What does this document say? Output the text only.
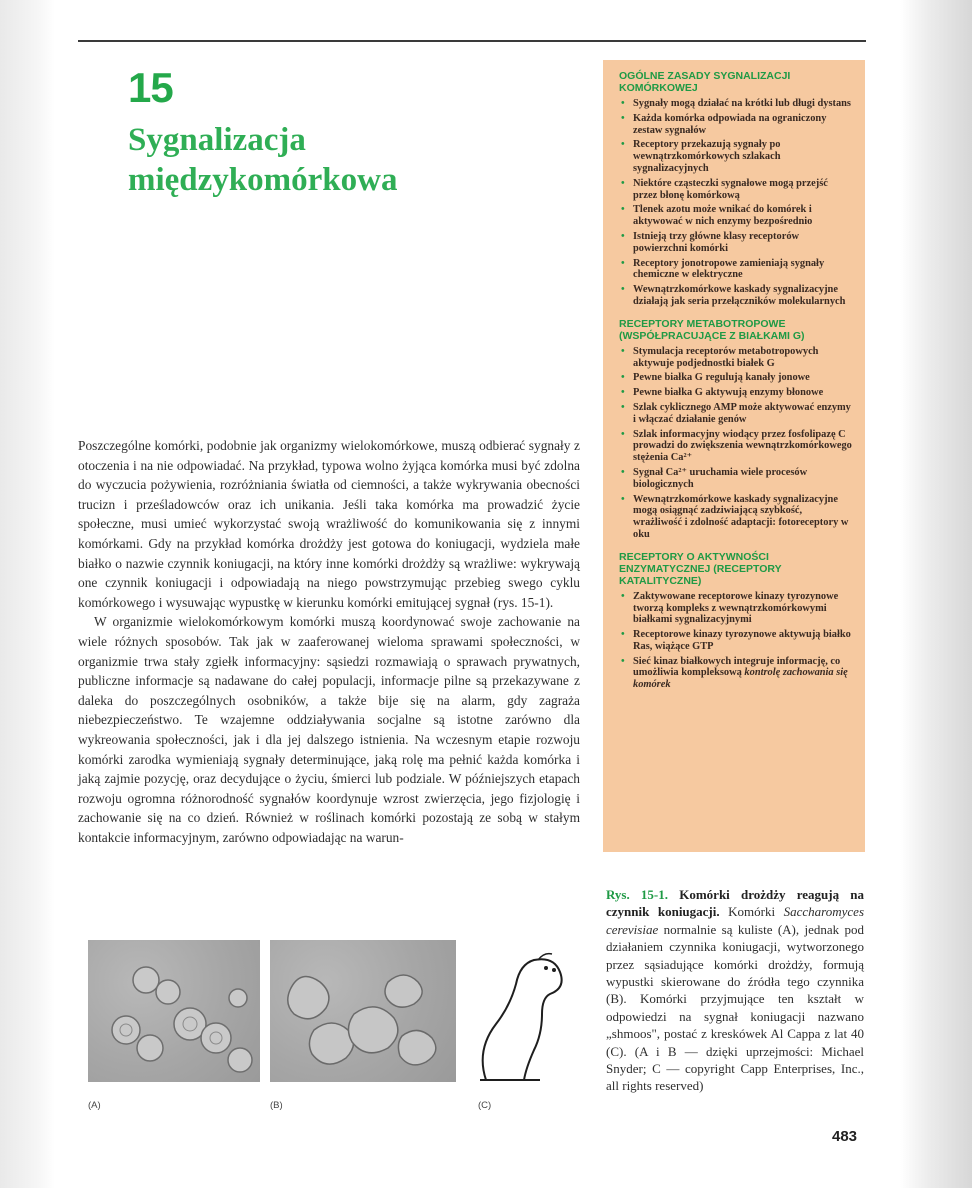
15
Sygnalizacja międzykomórkowa
OGÓLNE ZASADY SYGNALIZACJI KOMÓRKOWEJ
• Sygnały mogą działać na krótki lub długi dystans
• Każda komórka odpowiada na ograniczony zestaw sygnałów
• Receptory przekazują sygnały po wewnątrzkomórkowych szlakach sygnalizacyjnych
• Niektóre cząsteczki sygnałowe mogą przejść przez błonę komórkową
• Tlenek azotu może wnikać do komórek i aktywować w nich enzymy bezpośrednio
• Istnieją trzy główne klasy receptorów powierzchni komórki
• Receptory jonotropowe zamieniają sygnały chemiczne w elektryczne
• Wewnątrzkomórkowe kaskady sygnalizacyjne działają jak seria przełączników molekularnych
RECEPTORY METABOTROPOWE (WSPÓŁPRACUJĄCE Z BIAŁKAMI G)
• Stymulacja receptorów metabotropowych aktywuje podjednostki białek G
• Pewne białka G regulują kanały jonowe
• Pewne białka G aktywują enzymy błonowe
• Szlak cyklicznego AMP może aktywować enzymy i włączać działanie genów
• Szlak informacyjny wiodący przez fosfolipazę C prowadzi do zwiększenia wewnątrzkomórkowego stężenia Ca²⁺
• Sygnał Ca²⁺ uruchamia wiele procesów biologicznych
• Wewnątrzkomórkowe kaskady sygnalizacyjne mogą osiągnąć zadziwiającą szybkość, wrażliwość i zdolność adaptacji: fotoreceptory w oku
RECEPTORY O AKTYWNOŚCI ENZYMATYCZNEJ (RECEPTORY KATALITYCZNE)
• Zaktywowane receptorowe kinazy tyrozynowe tworzą kompleks z wewnątrzkomórkowymi białkami sygnalizacyjnymi
• Receptorowe kinazy tyrozynowe aktywują białko Ras, wiążące GTP
• Sieć kinaz białkowych integruje informację, co umożliwia kompleksową kontrolę zachowania się komórek

Poszczególne komórki, podobnie jak organizmy wielokomórkowe, muszą odbierać sygnały z otoczenia i na nie odpowiadać. Na przykład, typowa wolno żyjąca komórka musi być zdolna do wyczucia pożywienia, rozróżniania światła od ciemności, a także wykrywania obecności trucizn i prześladowców oraz ich unikania. Jeśli taka komórka ma prowadzić życie społeczne, musi umieć wykorzystać swoją wrażliwość do komunikowania się z innymi komórkami. Gdy na przykład komórka drożdży jest gotowa do koniugacji, wydziela małe białko o nazwie czynnik koniugacji, na który inne komórki drożdży są wrażliwe: wykrywają one czynnik koniugacji i odpowiadają na niego powstrzymując przebieg swego cyklu komórkowego i wysuwając wypustkę w kierunku komórki emitującej sygnał (rys. 15-1).

W organizmie wielokomórkowym komórki muszą koordynować swoje zachowanie na wiele różnych sposobów. Tak jak w zaaferowanej wieloma sprawami społeczności, w organizmie trwa stały zgiełk informacyjny: sąsiedzi rozmawiają o sprawach prywatnych, publiczne informacje są nadawane do całej populacji, informacje pilne są przekazywane z daleka do poszczególnych osobników, a także bije się na alarm, gdy zagraża niebezpieczeństwo. Te wzajemne oddziaływania socjalne są istotne zarówno dla wykreowania społeczności, jak i dla jej dalszego istnienia. Na wczesnym etapie rozwoju komórki zarodka wymieniają sygnały determinujące, jaką rolę ma pełnić każda komórka i jaką zajmie pozycję, oraz decydujące o życiu, śmierci lub podziale. W późniejszych etapach rozwoju ogromna różnorodność sygnałów koordynuje wzrost zwierzęcia, jego fizjologię i zachowanie się na co dzień. Również w roślinach komórki pozostają ze sobą w stałym kontakcie informacyjnym, zarówno odpowiadając na warun-

Rys. 15-1. Komórki drożdży reagują na czynnik koniugacji. Komórki Saccharomyces cerevisiae normalnie są kuliste (A), jednak pod działaniem czynnika koniugacji, wytworzonego przez sąsiadujące komórki drożdży, formują wypustki skierowane do źródła tego czynnika (B). Komórki przyjmujące ten kształt w odpowiedzi na sygnał koniugacji nazwano „shmoos", postać z kreskówek Al Cappa z lat 40 (C). (A i B — dzięki uprzejmości: Michael Snyder; C — copyright Capp Enterprises, Inc., all rights reserved)
(A)	(B)	(C)
483
